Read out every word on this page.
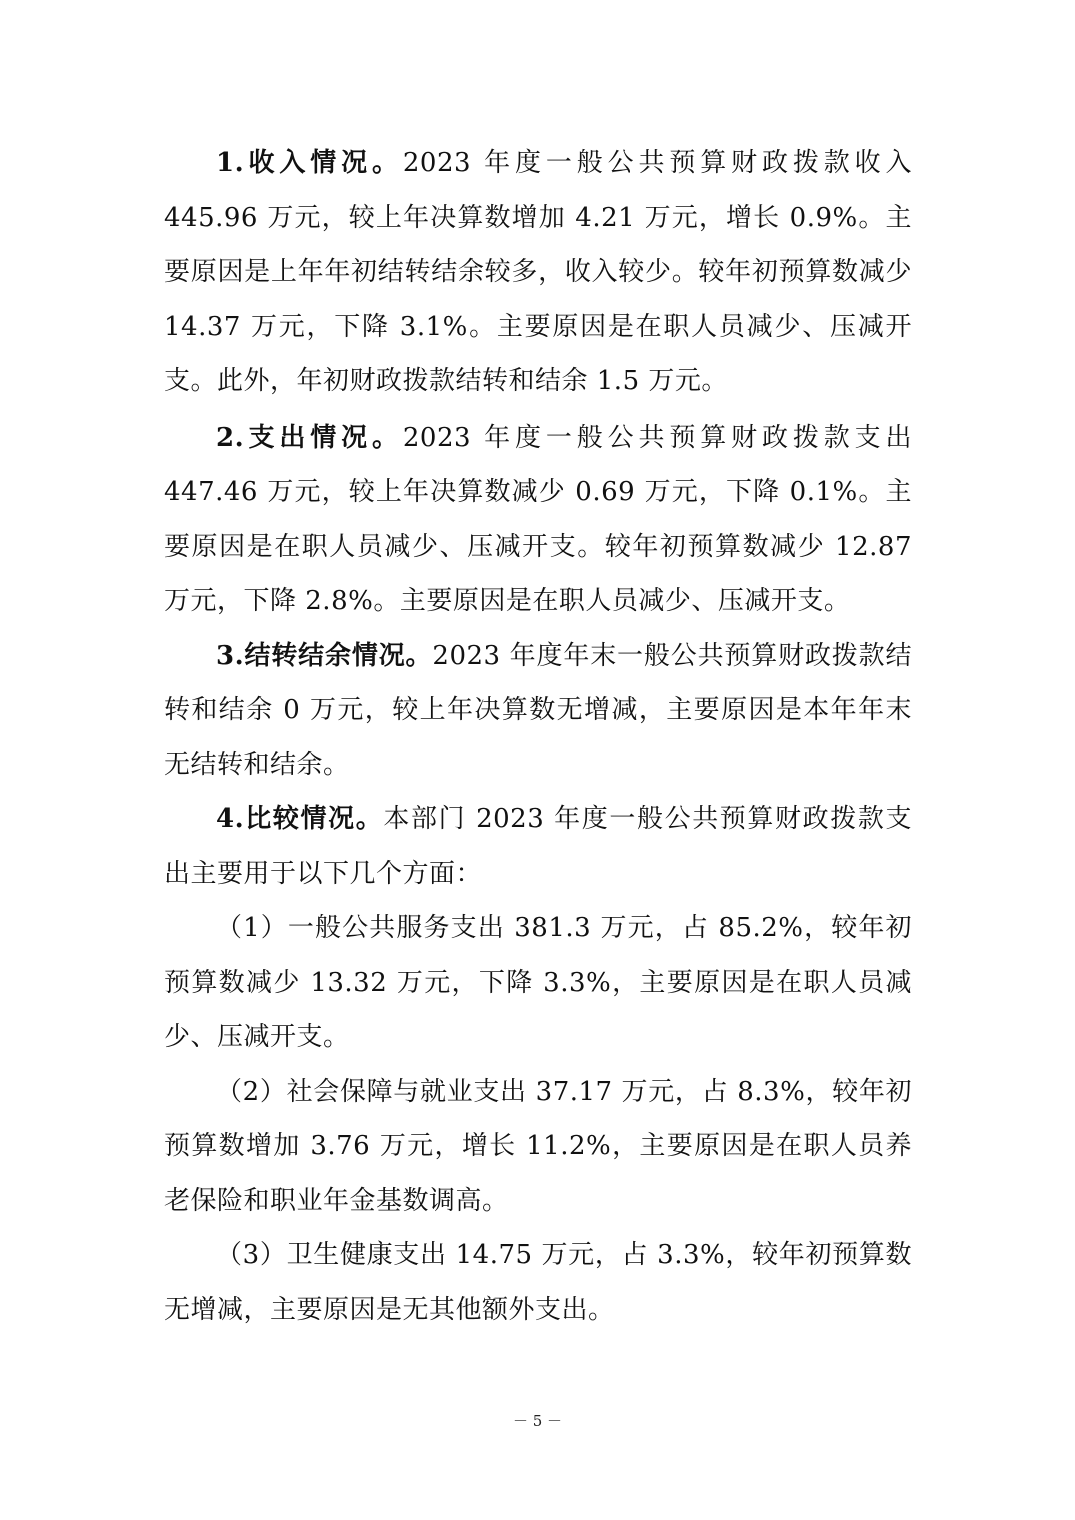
1.收入情况。2023 年度一般公共预算财政拨款收入 445.96 万元，较上年决算数增加 4.21 万元，增长 0.9%。主要原因是上年年初结转结余较多，收入较少。较年初预算数减少 14.37 万元，下降 3.1%。主要原因是在职人员减少、压减开支。此外，年初财政拨款结转和结余 1.5 万元。

2.支出情况。2023 年度一般公共预算财政拨款支出 447.46 万元，较上年决算数减少 0.69 万元，下降 0.1%。主要原因是在职人员减少、压减开支。较年初预算数减少 12.87 万元，下降 2.8%。主要原因是在职人员减少、压减开支。

3.结转结余情况。2023 年度年末一般公共预算财政拨款结转和结余 0 万元，较上年决算数无增减，主要原因是本年年末无结转和结余。

4.比较情况。本部门 2023 年度一般公共预算财政拨款支出主要用于以下几个方面：

（1）一般公共服务支出 381.3 万元，占 85.2%，较年初预算数减少 13.32 万元，下降 3.3%，主要原因是在职人员减少、压减开支。

（2）社会保障与就业支出 37.17 万元，占 8.3%，较年初预算数增加 3.76 万元，增长 11.2%，主要原因是在职人员养老保险和职业年金基数调高。

（3）卫生健康支出 14.75 万元，占 3.3%，较年初预算数无增减，主要原因是无其他额外支出。

－ 5 －
